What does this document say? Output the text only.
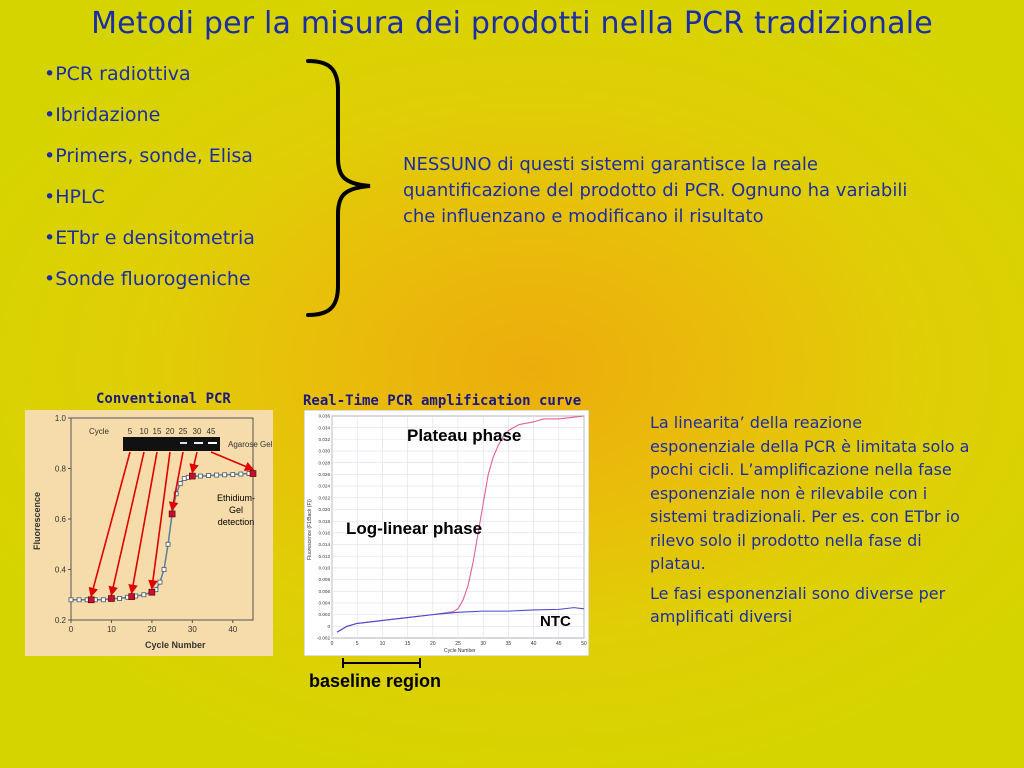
Metodi per la misura dei prodotti nella PCR tradizionale
•PCR radiottiva
•Ibridazione
•Primers, sonde, Elisa
•HPLC
•ETbr e densitometria
•Sonde fluorogeniche
NESSUNO di questi sistemi garantisce la reale quantificazione del prodotto di PCR. Ognuno ha variabili che influenzano e modificano il risultato
Conventional PCR	Real-Time PCR amplification curve
0.2
0.4
0.6
0.8
1.0
0	10	20	30	40
Fluorescence
Cycle Number
Cycle 5 10 15 20 25 30 45
Agarose Gel
Ethidium-
Gel
detection
-0.002
0
0.002
0.004
0.006
0.008
0.010
0.012
0.014
0.016
0.018
0.020
0.022
0.024
0.026
0.028
0.030
0.032
0.034
0.036
0	5	10	15	20	25	30	35	40	45	50
Fluorescence (F1/Back (F))
Cycle Number
Plateau phase
Log-linear phase
NTC
baseline region

La linearita’ della reazione esponenziale della PCR è limitata solo a pochi cicli. L’amplificazione nella fase esponenziale non è rilevabile con i sistemi tradizionali. Per es. con ETbr io rilevo solo il prodotto nella fase di platau.

Le fasi esponenziali sono diverse per amplificati diversi
